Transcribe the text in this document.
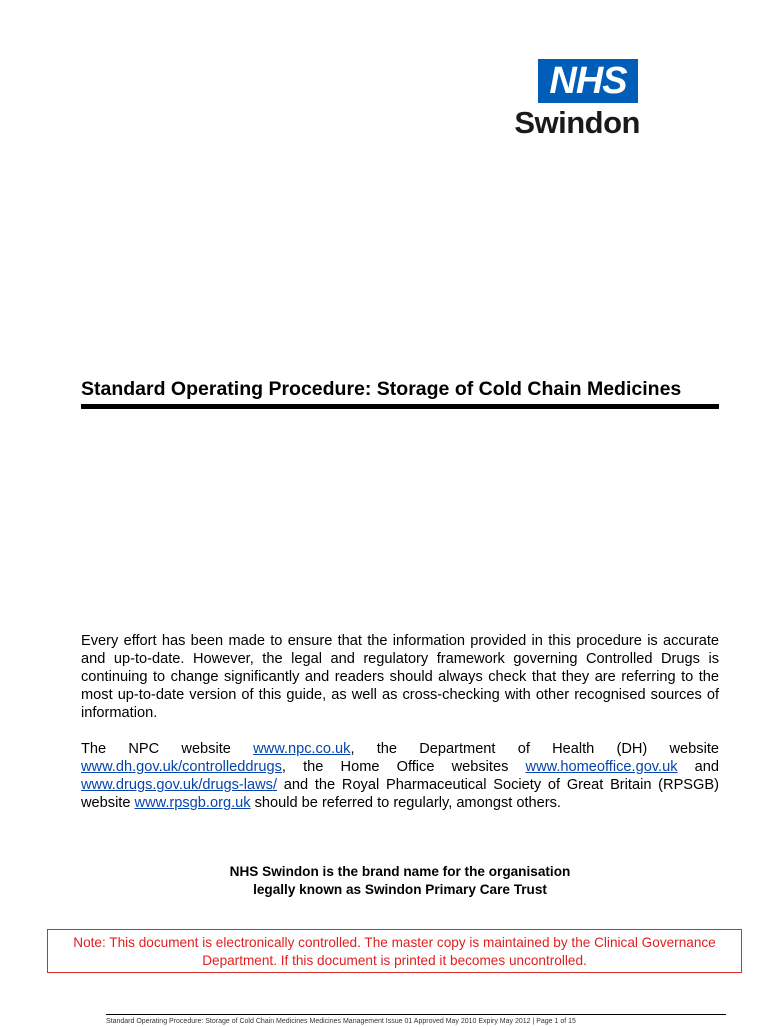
NHS
Swindon
Standard Operating Procedure: Storage of Cold Chain Medicines

Every effort has been made to ensure that the information provided in this procedure is accurate and up-to-date. However, the legal and regulatory framework governing Controlled Drugs is continuing to change significantly and readers should always check that they are referring to the most up-to-date version of this guide, as well as cross-checking with other recognised sources of information.

The NPC website www.npc.co.uk, the Department of Health (DH) website www.dh.gov.uk/controlleddrugs, the Home Office websites www.homeoffice.gov.uk and www.drugs.gov.uk/drugs-laws/ and the Royal Pharmaceutical Society of Great Britain (RPSGB) website www.rpsgb.org.uk should be referred to regularly, amongst others.

NHS Swindon is the brand name for the organisation
legally known as Swindon Primary Care Trust

Note: This document is electronically controlled. The master copy is maintained by the Clinical Governance
Department. If this document is printed it becomes uncontrolled.
Standard Operating Procedure: Storage of Cold Chain Medicines Medicines Management Issue 01 Approved May 2010 Expiry May 2012 | Page 1 of 15
